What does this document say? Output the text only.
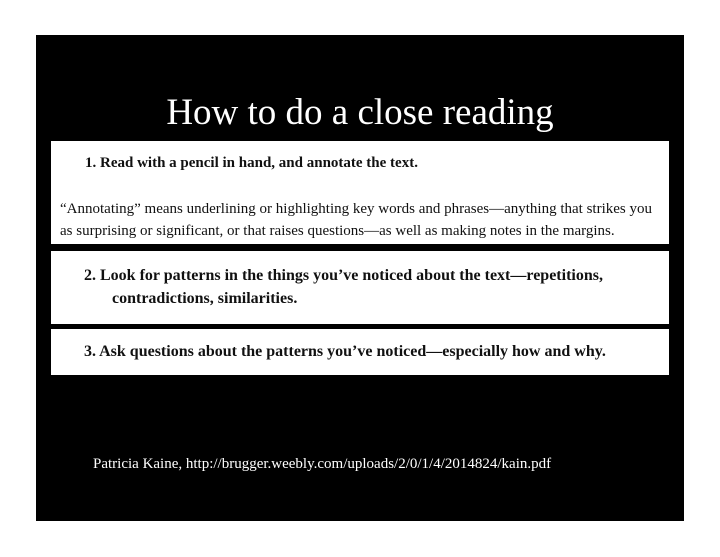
How to do a close reading
1. Read with a pencil in hand, and annotate the text.
“Annotating” means underlining or highlighting key words and phrases—anything that strikes you as surprising or significant, or that raises questions—as well as making notes in the margins.
2. Look for patterns in the things you’ve noticed about the text—repetitions,
contradictions, similarities.
3. Ask questions about the patterns you’ve noticed—especially how and why.
Patricia Kaine, http://brugger.weebly.com/uploads/2/0/1/4/2014824/kain.pdf
